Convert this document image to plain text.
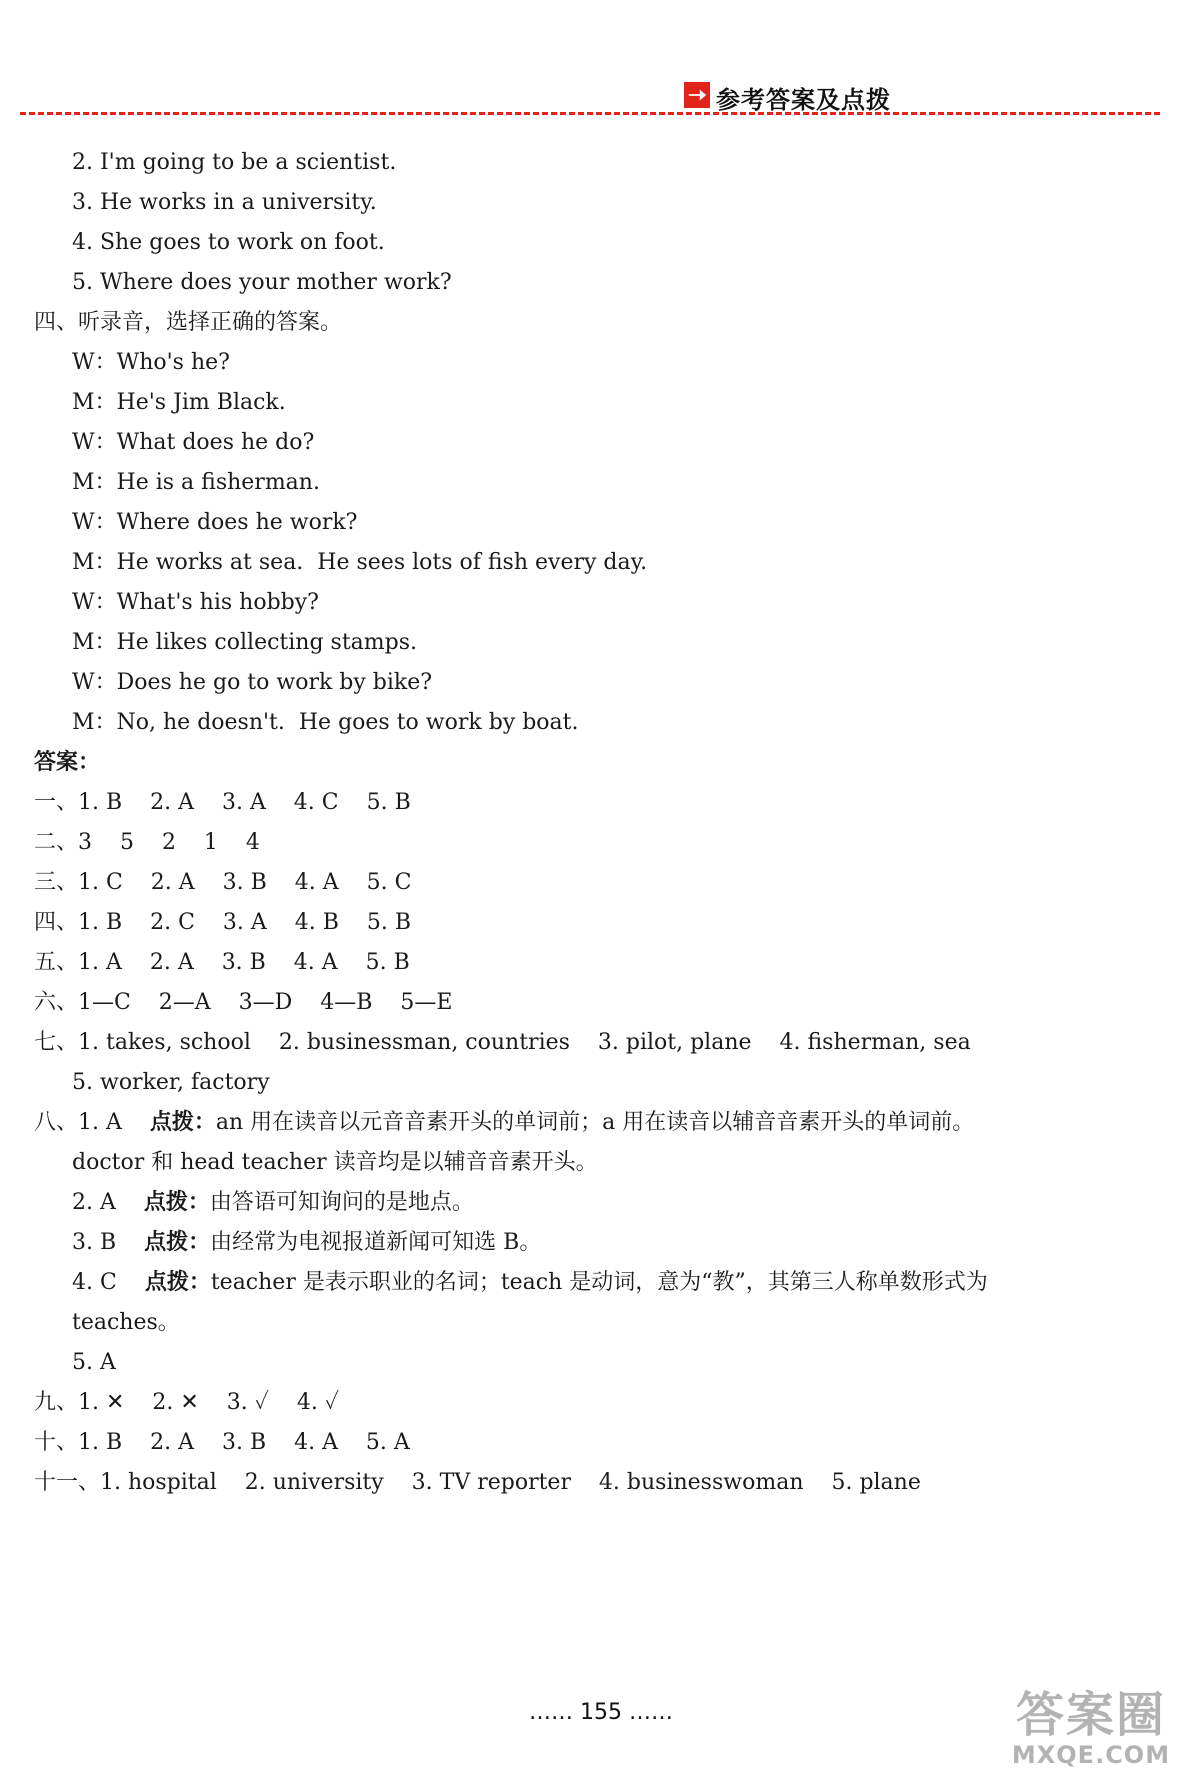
参考答案及点拨
2. I'm going to be a scientist.
3. He works in a university.
4. She goes to work on foot.
5. Where does your mother work?
四、听录音，选择正确的答案。
W：Who's he?
M：He's Jim Black.
W：What does he do?
M：He is a fisherman.
W：Where does he work?
M：He works at sea.  He sees lots of fish every day.
W：What's his hobby?
M：He likes collecting stamps.
W：Does he go to work by bike?
M：No, he doesn't.  He goes to work by boat.
答案：
一、1. B    2. A    3. A    4. C    5. B
二、3    5    2    1    4
三、1. C    2. A    3. B    4. A    5. C
四、1. B    2. C    3. A    4. B    5. B
五、1. A    2. A    3. B    4. A    5. B
六、1—C    2—A    3—D    4—B    5—E
七、1. takes, school    2. businessman, countries    3. pilot, plane    4. fisherman, sea
5. worker, factory
八、1. A 点拨：an 用在读音以元音音素开头的单词前；a 用在读音以辅音音素开头的单词前。
doctor 和 head teacher 读音均是以辅音音素开头。
2. A 点拨：由答语可知询问的是地点。
3. B 点拨：由经常为电视报道新闻可知选 B。
4. C 点拨：teacher 是表示职业的名词；teach 是动词，意为“教”，其第三人称单数形式为
teaches。
5. A
九、1. ✕    2. ✕    3. ✓    4. ✓
十、1. B    2. A    3. B    4. A    5. A
十一、1. hospital    2. university    3. TV reporter    4. businesswoman    5. plane
…… 155 ……	答案圈
MXQE.COM
